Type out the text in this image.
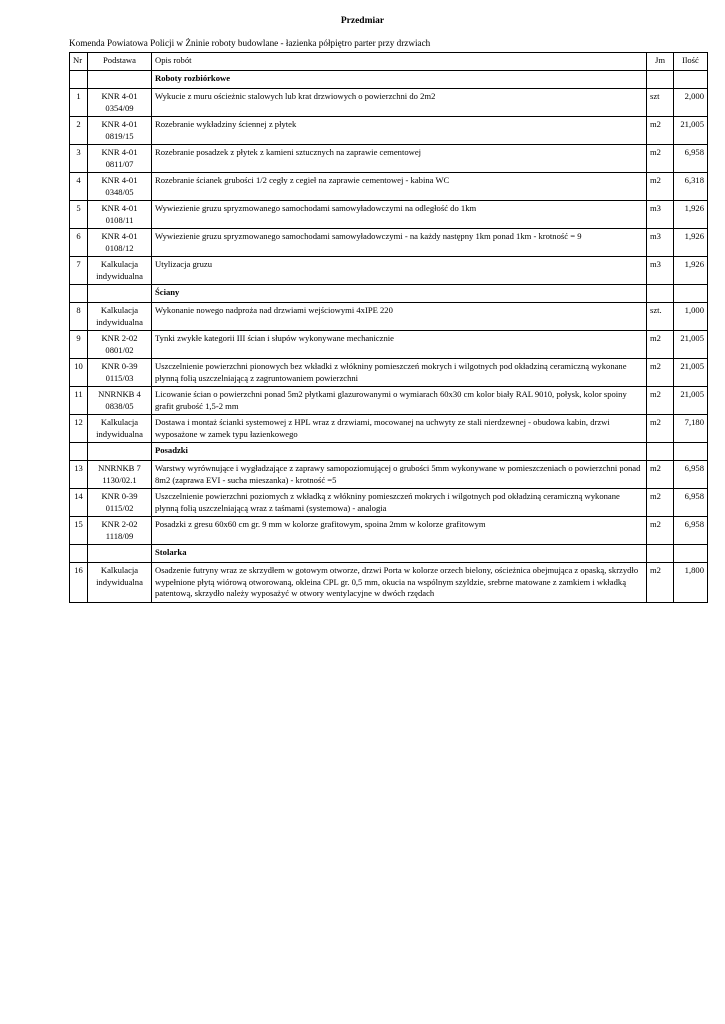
Przedmiar
Komenda Powiatowa Policji w Żninie roboty budowlane - łazienka półpiętro parter przy drzwiach
Nr	Podstawa	Opis robót	Jm	Ilość
		Roboty rozbiórkowe		
1	KNR 4-01 0354/09	Wykucie z muru ościeżnic stalowych lub krat drzwiowych o powierzchni do 2m2	szt	2,000
2	KNR 4-01 0819/15	Rozebranie wykładziny ściennej z płytek	m2	21,005
3	KNR 4-01 0811/07	Rozebranie posadzek z płytek z kamieni sztucznych na zaprawie cementowej	m2	6,958
4	KNR 4-01 0348/05	Rozebranie ścianek grubości 1/2 cegły z cegieł na zaprawie cementowej - kabina WC	m2	6,318
5	KNR 4-01 0108/11	Wywiezienie gruzu spryzmowanego samochodami samowyładowczymi na odległość do 1km	m3	1,926
6	KNR 4-01 0108/12	Wywiezienie gruzu spryzmowanego samochodami samowyładowczymi - na każdy następny 1km ponad 1km - krotność = 9	m3	1,926
7	Kalkulacja indywidualna	Utylizacja gruzu	m3	1,926
		Ściany		
8	Kalkulacja indywidualna	Wykonanie nowego nadproża nad drzwiami wejściowymi 4xIPE 220	szt.	1,000
9	KNR 2-02 0801/02	Tynki zwykłe kategorii III ścian i słupów wykonywane mechanicznie	m2	21,005
10	KNR 0-39 0115/03	Uszczelnienie powierzchni pionowych bez wkładki z włókniny pomieszczeń mokrych i wilgotnych pod okładziną ceramiczną wykonane płynną folią uszczelniającą z zagruntowaniem powierzchni	m2	21,005
11	NNRNKB 4 0838/05	Licowanie ścian o powierzchni ponad 5m2 płytkami glazurowanymi o wymiarach 60x30 cm kolor biały RAL 9010, połysk, kolor spoiny grafit grubość 1,5-2 mm	m2	21,005
12	Kalkulacja indywidualna	Dostawa i montaż ścianki systemowej z HPL wraz z drzwiami, mocowanej na uchwyty ze stali nierdzewnej - obudowa kabin, drzwi wyposażone w zamek typu łazienkowego	m2	7,180
		Posadzki		
13	NNRNKB 7 1130/02.1	Warstwy wyrównujące i wygładzające z zaprawy samopoziomującej o grubości 5mm wykonywane w pomieszczeniach o powierzchni ponad 8m2 (zaprawa EVI - sucha mieszanka) - krotność =5	m2	6,958
14	KNR 0-39 0115/02	Uszczelnienie powierzchni poziomych z wkładką z włókniny pomieszczeń mokrych i wilgotnych pod okładziną ceramiczną wykonane płynną folią uszczelniającą wraz z taśmami (systemowa) - analogia	m2	6,958
15	KNR 2-02 1118/09	Posadzki z gresu 60x60 cm gr. 9 mm w kolorze grafitowym, spoina 2mm w kolorze grafitowym	m2	6,958
		Stolarka		
16	Kalkulacja indywidualna	Osadzenie futryny wraz ze skrzydłem w gotowym otworze, drzwi Porta w kolorze orzech bielony, ościeżnica obejmująca z opaską, skrzydło wypełnione płytą wiórową otworowaną, okleina CPL gr. 0,5 mm, okucia na wspólnym szyldzie, srebrne matowane z zamkiem i wkładką patentową, skrzydło należy wyposażyć w otwory wentylacyjne w dwóch rzędach	m2	1,800
